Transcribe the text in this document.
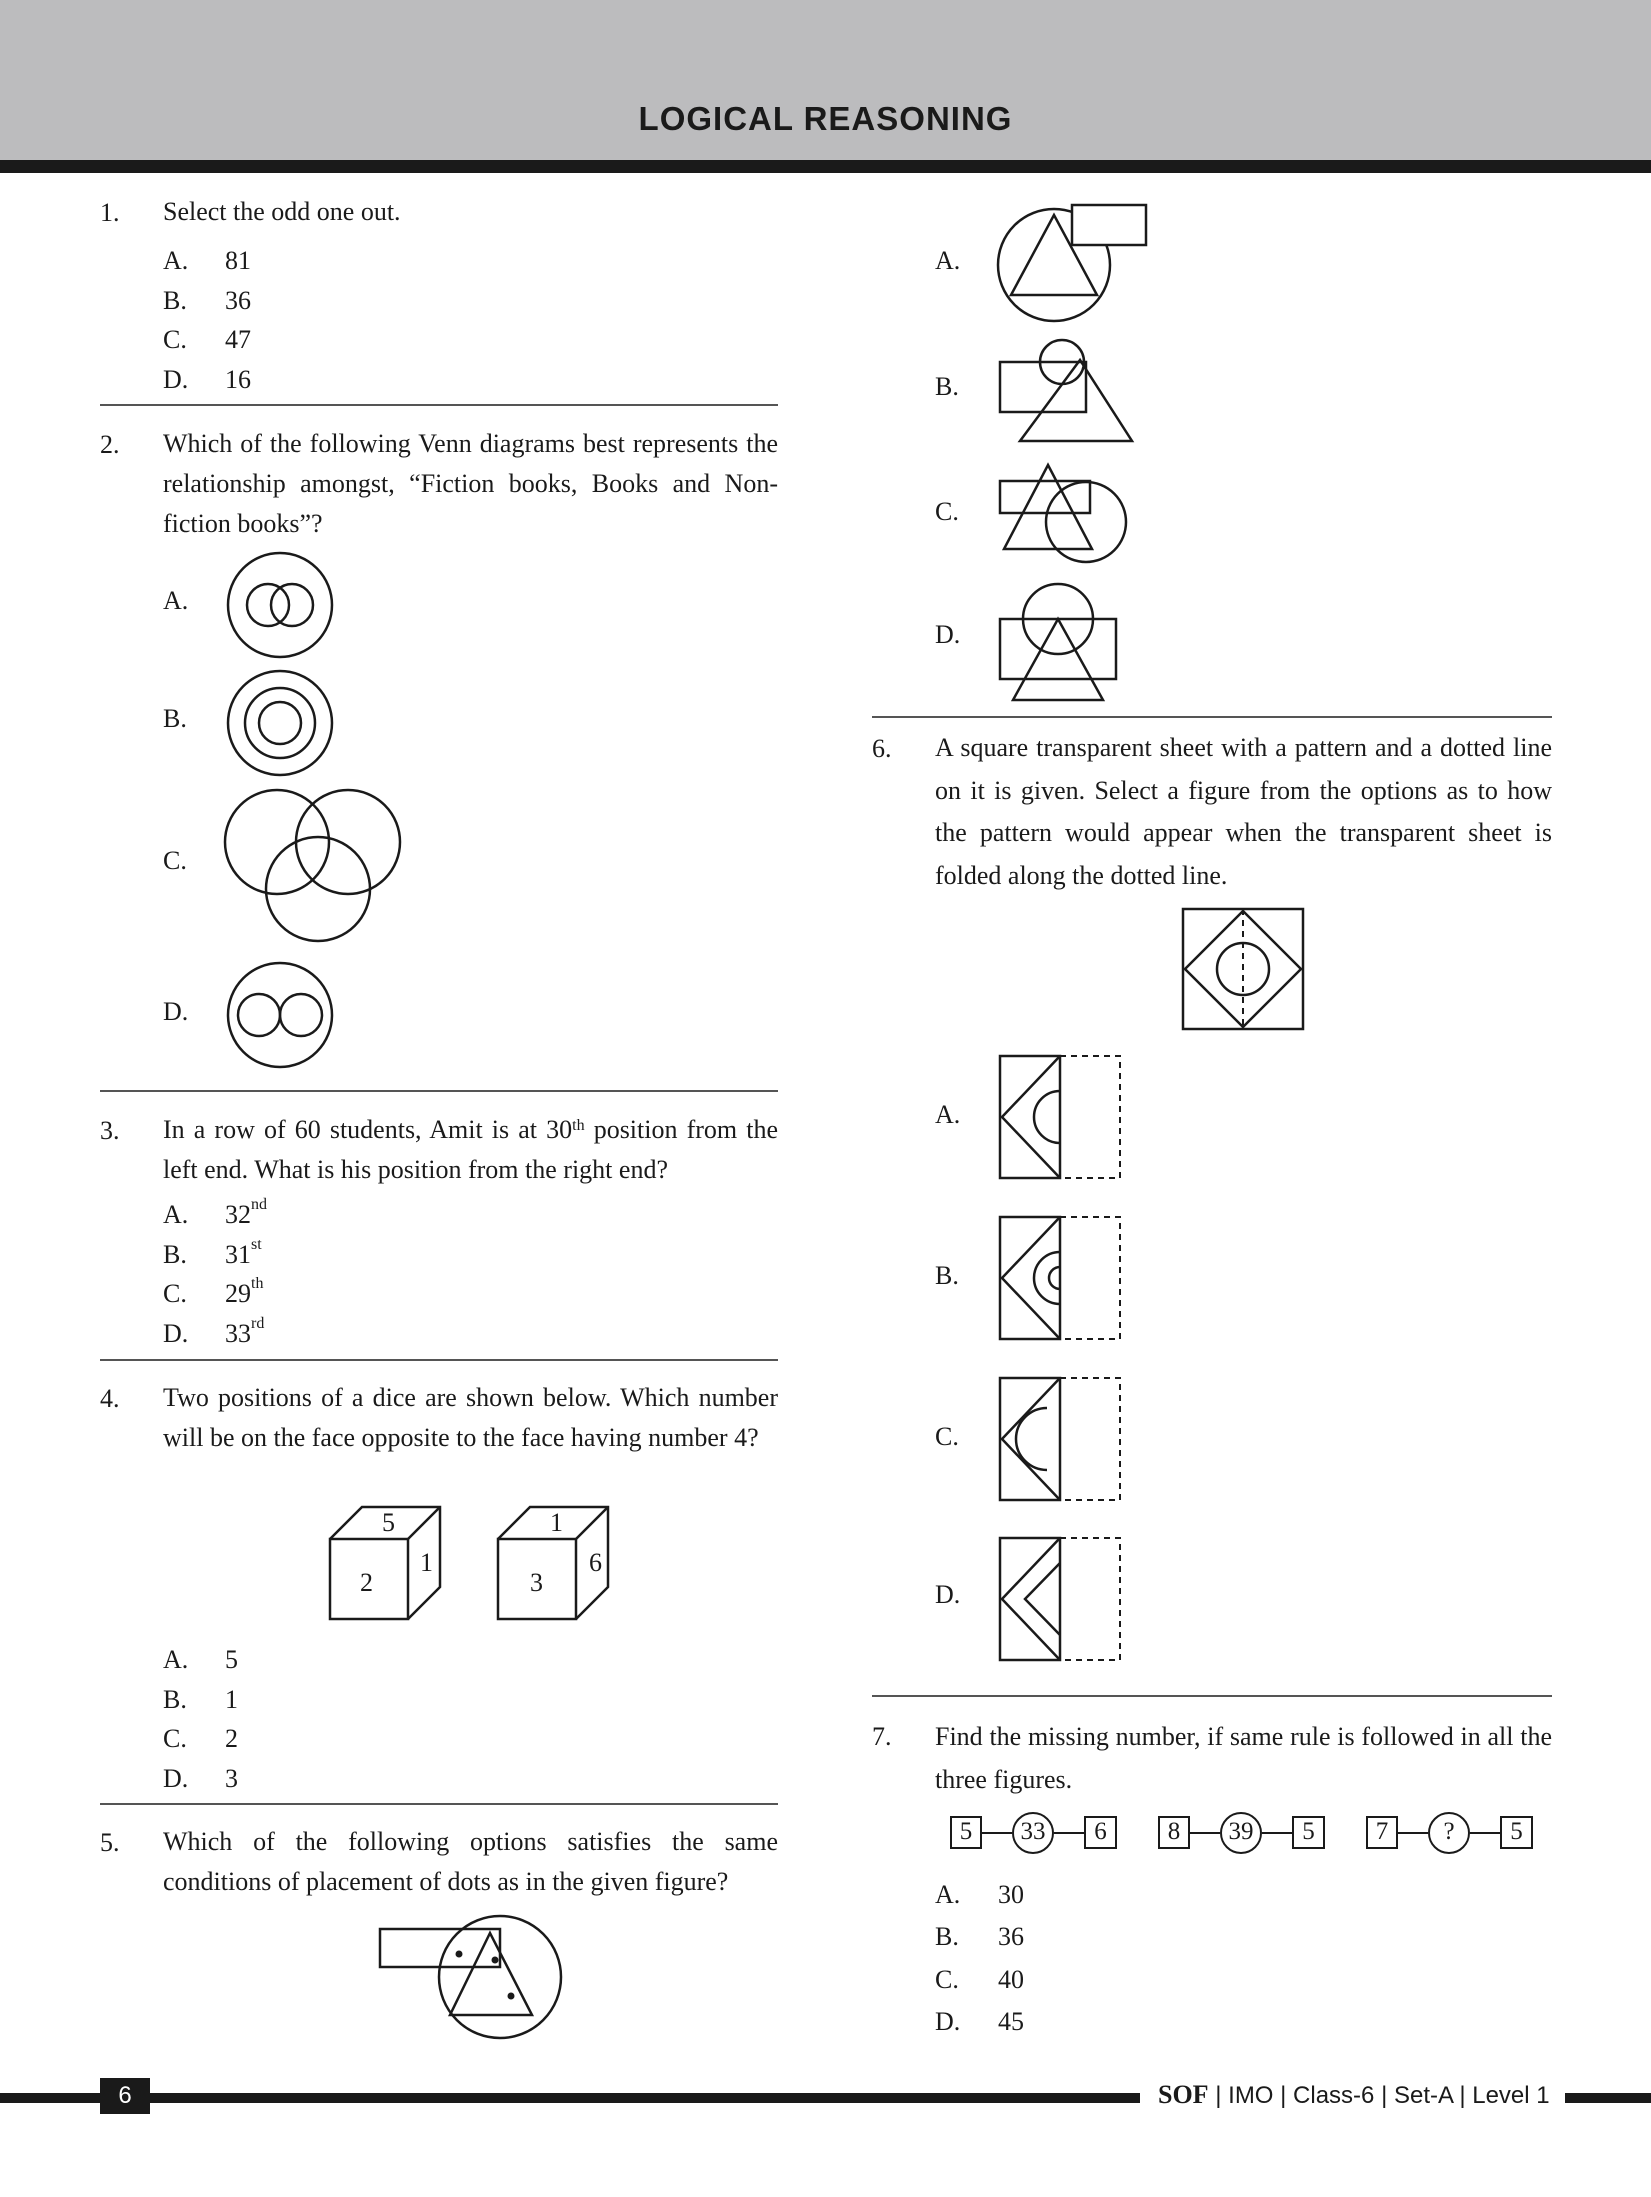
LOGICAL REASONING
1. Select the odd one out.
A. 81
B. 36
C. 47
D. 16
2. Which of the following Venn diagrams best represents the relationship amongst, “Fiction books, Books and Non-fiction books”?
A.
B.
C.
D.
3. In a row of 60 students, Amit is at 30th position from the left end. What is his position from the right end?
A. 32nd
B. 31st
C. 29th
D. 33rd
4. Two positions of a dice are shown below. Which number will be on the face opposite to the face having number 4?
5
2
1
1
3
6
A. 5
B. 1
C. 2
D. 3
5. Which of the following options satisfies the same conditions of placement of dots as in the given figure?
A.
B.
C.
D.
6. A square transparent sheet with a pattern and a dotted line on it is given. Select a figure from the options as to how the pattern would appear when the transparent sheet is folded along the dotted line.
A.
B.
C.
D.
7. Find the missing number, if same rule is followed in all the three figures.
5	33	6	8	39	5	7	?	5
A. 30
B. 36
C. 40
D. 45
6	SOF | IMO | Class-6 | Set-A | Level 1
